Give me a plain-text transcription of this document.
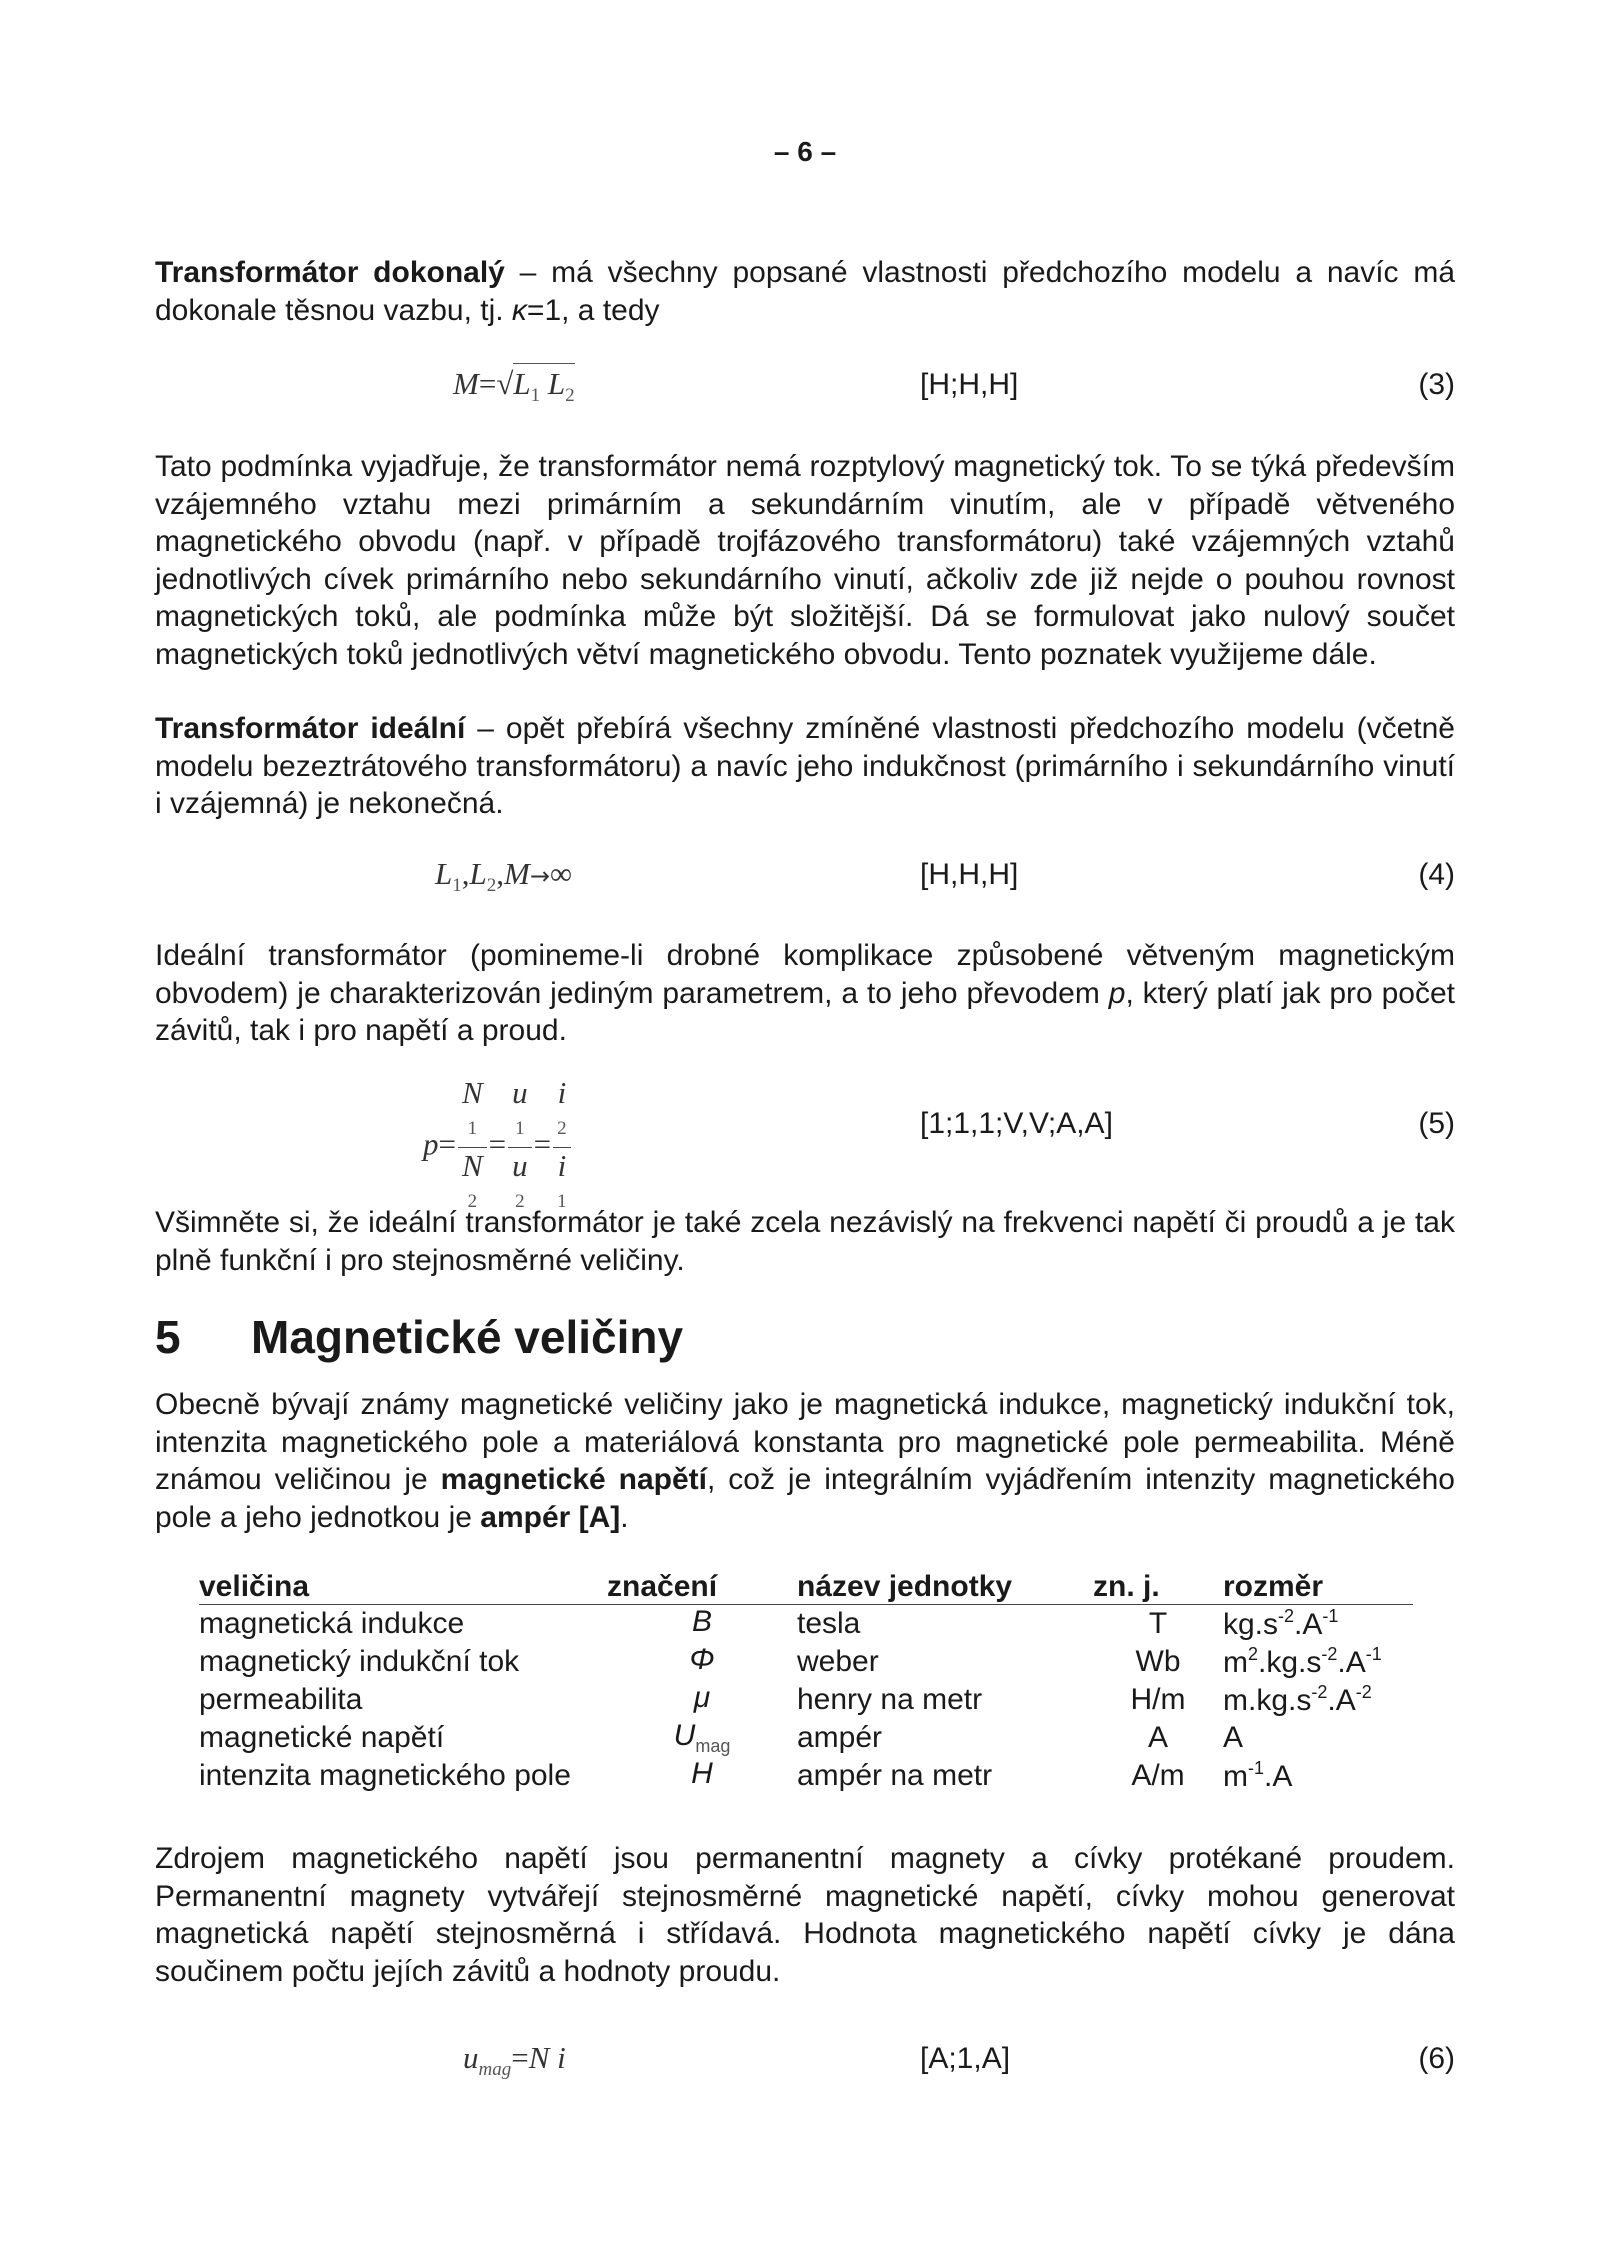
– 6 –

Transformátor dokonalý – má všechny popsané vlastnosti předchozího modelu a navíc má dokonale těsnou vazbu, tj. κ=1, a tedy

$M=√L_1$ $L_2$	[H;H,H]	(3)

Tato podmínka vyjadřuje, že transformátor nemá rozptylový magnetický tok. To se týká především vzájemného vztahu mezi primárním a sekundárním vinutím, ale v případě větveného magnetického obvodu (např. v případě trojfázového transformátoru) také vzájemných vztahů jednotlivých cívek primárního nebo sekundárního vinutí, ačkoliv zde již nejde o pouhou rovnost magnetických toků, ale podmínka může být složitější. Dá se formulovat jako nulový součet magnetických toků jednotlivých větví magnetického obvodu. Tento poznatek využijeme dále.

Transformátor ideální – opět přebírá všechny zmíněné vlastnosti předchozího modelu (včetně modelu bezeztrátového transformátoru) a navíc jeho indukčnost (primárního i sekundárního vinutí i vzájemná) je nekonečná.

$L_1,L_2,M\to\infty$	[H,H,H]	(4)

Ideální transformátor (pomineme-li drobné komplikace způsobené větveným magnetickým obvodem) je charakterizován jediným parametrem, a to jeho převodem p, který platí jak pro počet závitů, tak i pro napětí a proud.

p= N
1
N
2 = u
1
u
2 = i
2
i
1	[1;1,1;V,V;A,A]	(5)

Všimněte si, že ideální transformátor je také zcela nezávislý na frekvenci napětí či proudů a je tak plně funkční i pro stejnosměrné veličiny.

5 Magnetické veličiny

Obecně bývají známy magnetické veličiny jako je magnetická indukce, magnetický indukční tok, intenzita magnetického pole a materiálová konstanta pro magnetické pole permeabilita. Méně známou veličinou je magnetické napětí, což je integrálním vyjádřením intenzity magnetického pole a jeho jednotkou je ampér [A].

veličina	značení	název jednotky	zn. j.	rozměr
magnetická indukce	B	tesla	T	$kg.s^{-2}.A^{-1}$
magnetický indukční tok	Φ	weber	Wb	$m^2.kg.s^{-2}.A^{-1}$
permeabilita	μ	henry na metr	H/m	$m.kg.s^{-2}.A^{-2}$
magnetické napětí	$U_{mag}$	ampér	A	A
intenzita magnetického pole	H	ampér na metr	A/m	$m^{-1}.A$

Zdrojem magnetického napětí jsou permanentní magnety a cívky protékané proudem. Permanentní magnety vytvářejí stejnosměrné magnetické napětí, cívky mohou generovat magnetická napětí stejnosměrná i střídavá. Hodnota magnetického napětí cívky je dána součinem počtu jejích závitů a hodnoty proudu.

$u_{mag}=N$ i	[A;1,A]	(6)
